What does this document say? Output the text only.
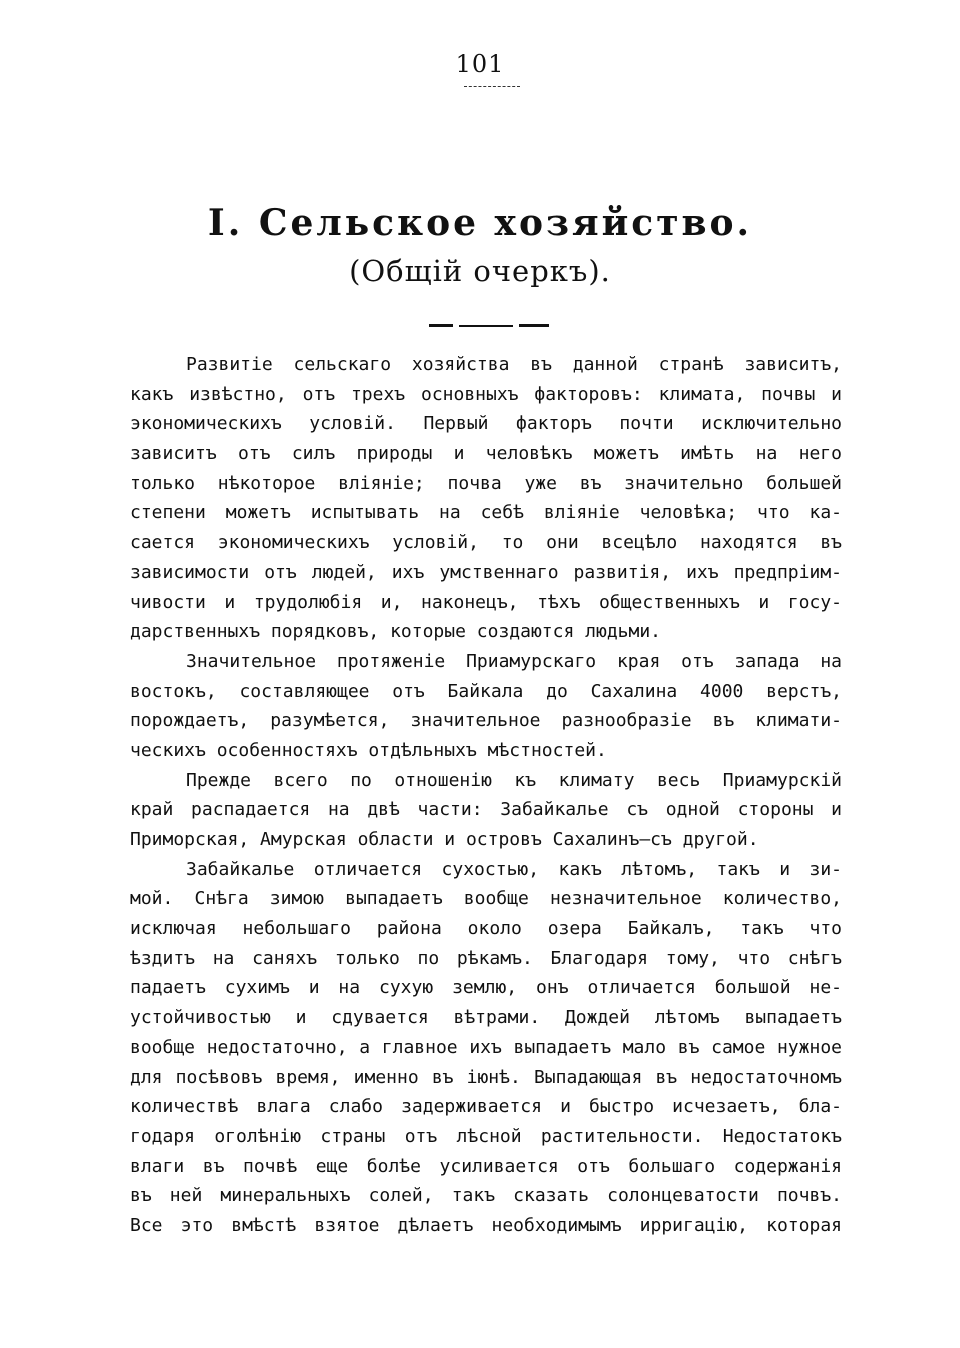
101
I. Сельское хозяйство.
(Общій очеркъ).
Развитіе сельскаго хозяйства въ данной странѣ зависитъ,
какъ извѣстно, отъ трехъ основныхъ факторовъ: климата, почвы и
экономическихъ условій. Первый факторъ почти исключительно
зависитъ отъ силъ природы и человѣкъ можетъ имѣть на него
только нѣкоторое вліяніе; почва уже въ значительно большей
степени можетъ испытывать на себѣ вліяніе человѣка; что ка-
сается экономическихъ условій, то они всецѣло находятся въ
зависимости отъ людей, ихъ умственнаго развитія, ихъ предпріим-
чивости и трудолюбія и, наконецъ, тѣхъ общественныхъ и госу-
дарственныхъ порядковъ, которые создаются людьми.
Значительное протяженіе Приамурскаго края отъ запада на
востокъ, составляющее отъ Байкала до Сахалина 4000 верстъ,
порождаетъ, разумѣется, значительное разнообразіе въ климати-
ческихъ особенностяхъ отдѣльныхъ мѣстностей.
Прежде всего по отношенію къ климату весь Приамурскій
край распадается на двѣ части: Забайкалье съ одной стороны и
Приморская, Амурская области и островъ Сахалинъ—съ другой.
Забайкалье отличается сухостью, какъ лѣтомъ, такъ и зи-
мой. Снѣга зимою выпадаетъ вообще незначительное количество,
исключая небольшаго района около озера Байкалъ, такъ что
ѣздитъ на саняхъ только по рѣкамъ. Благодаря тому, что снѣгъ
падаетъ сухимъ и на сухую землю, онъ отличается большой не-
устойчивостью и сдувается вѣтрами. Дождей лѣтомъ выпадаетъ
вообще недостаточно, а главное ихъ выпадаетъ мало въ самое нужное
для посѣвовъ время, именно въ іюнѣ. Выпадающая въ недостаточномъ
количествѣ влага слабо задерживается и быстро исчезаетъ, бла-
годаря оголѣнію страны отъ лѣсной растительности. Недостатокъ
влаги въ почвѣ еще болѣе усиливается отъ большаго содержанія
въ ней минеральныхъ солей, такъ сказать солонцеватости почвъ.
Все это вмѣстѣ взятое дѣлаетъ необходимымъ ирригацію, которая
